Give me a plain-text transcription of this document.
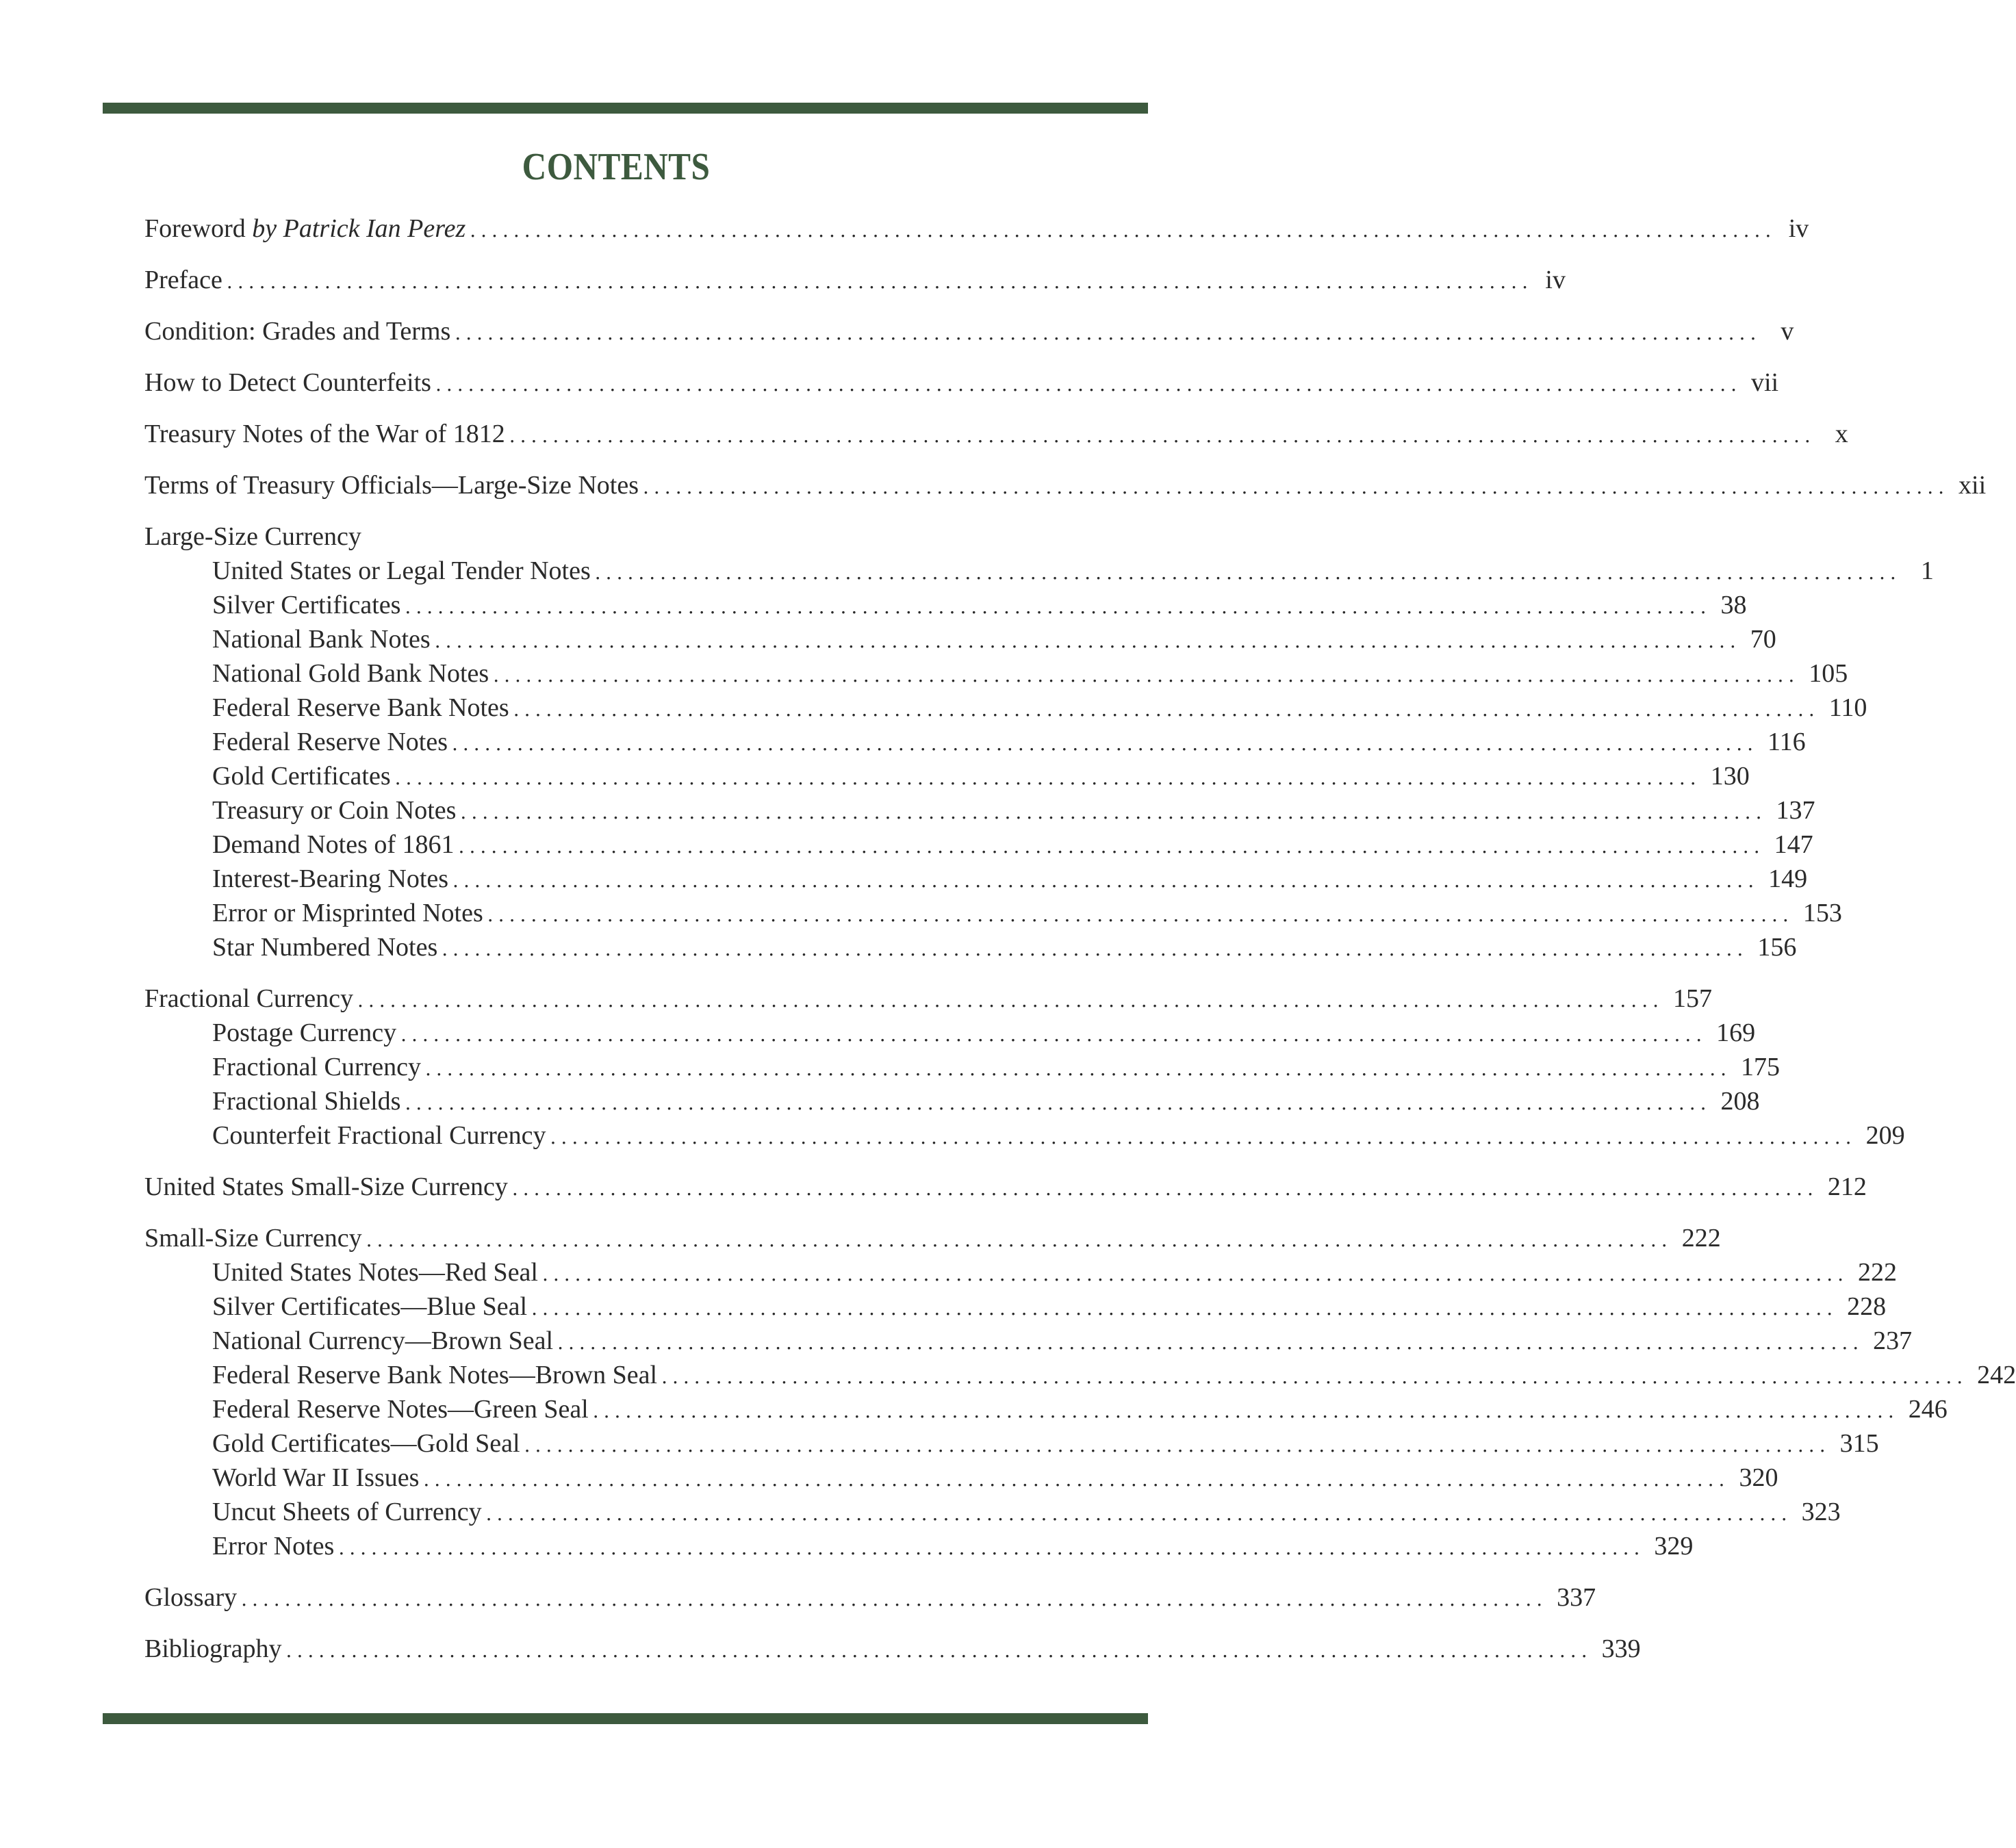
CONTENTS
Foreword by Patrick Ian Perez ........................................................................................................................ iv
Preface ........................................................................................................................ iv
Condition: Grades and Terms ........................................................................................................................ v
How to Detect Counterfeits ........................................................................................................................ vii
Treasury Notes of the War of 1812 ........................................................................................................................ x
Terms of Treasury Officials—Large-Size Notes ........................................................................................................................ xii
Large-Size Currency
United States or Legal Tender Notes ........................................................................................................................ 1
Silver Certificates ........................................................................................................................ 38
National Bank Notes ........................................................................................................................ 70
National Gold Bank Notes ........................................................................................................................ 105
Federal Reserve Bank Notes ........................................................................................................................ 110
Federal Reserve Notes ........................................................................................................................ 116
Gold Certificates ........................................................................................................................ 130
Treasury or Coin Notes ........................................................................................................................ 137
Demand Notes of 1861 ........................................................................................................................ 147
Interest-Bearing Notes ........................................................................................................................ 149
Error or Misprinted Notes ........................................................................................................................ 153
Star Numbered Notes ........................................................................................................................ 156
Fractional Currency ........................................................................................................................ 157
Postage Currency ........................................................................................................................ 169
Fractional Currency ........................................................................................................................ 175
Fractional Shields ........................................................................................................................ 208
Counterfeit Fractional Currency ........................................................................................................................ 209
United States Small-Size Currency ........................................................................................................................ 212
Small-Size Currency ........................................................................................................................ 222
United States Notes—Red Seal ........................................................................................................................ 222
Silver Certificates—Blue Seal ........................................................................................................................ 228
National Currency—Brown Seal ........................................................................................................................ 237
Federal Reserve Bank Notes—Brown Seal ........................................................................................................................ 242
Federal Reserve Notes—Green Seal ........................................................................................................................ 246
Gold Certificates—Gold Seal ........................................................................................................................ 315
World War II Issues ........................................................................................................................ 320
Uncut Sheets of Currency ........................................................................................................................ 323
Error Notes ........................................................................................................................ 329
Glossary ........................................................................................................................ 337
Bibliography ........................................................................................................................ 339
